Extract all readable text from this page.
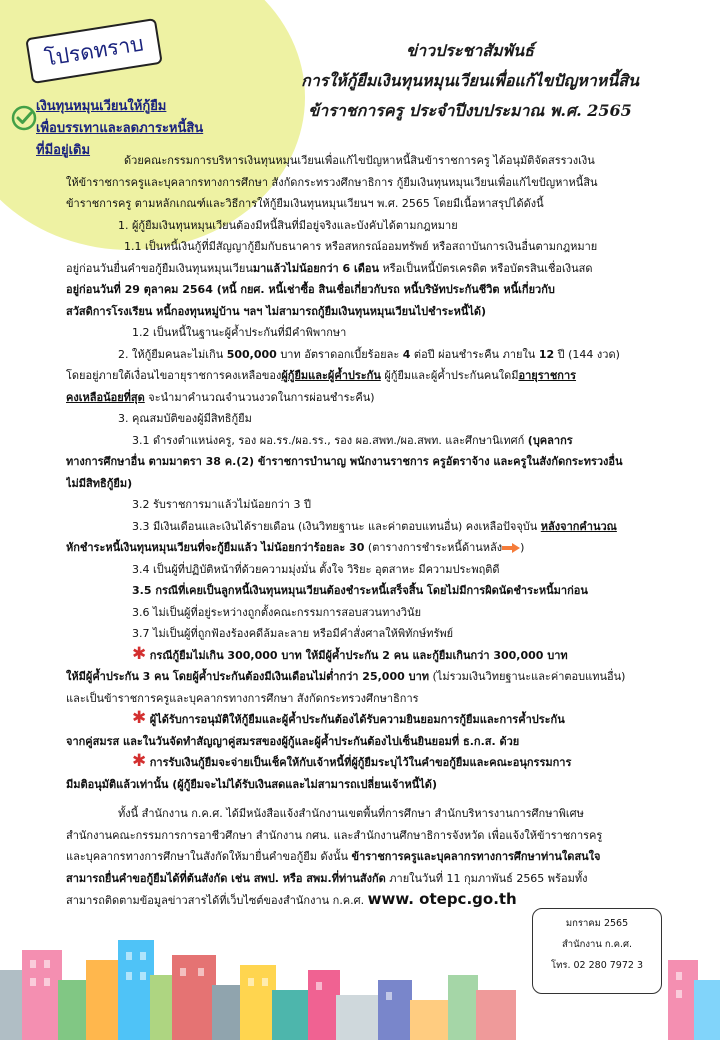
โปรดทราบ
เงินทุนหมุนเวียนให้กู้ยืม
เพื่อบรรเทาและลดภาระหนี้สิน
ที่มีอยู่เดิม
ข่าวประชาสัมพันธ์
การให้กู้ยืมเงินทุนหมุนเวียนเพื่อแก้ไขปัญหาหนี้สิน
ข้าราชการครู ประจำปีงบประมาณ พ.ศ. 2565

ด้วยคณะกรรมการบริหารเงินทุนหมุนเวียนเพื่อแก้ไขปัญหาหนี้สินข้าราชการครู ได้อนุมัติจัดสรรวงเงิน

ให้ข้าราชการครูและบุคลากรทางการศึกษา สังกัดกระทรวงศึกษาธิการ กู้ยืมเงินทุนหมุนเวียนเพื่อแก้ไขปัญหาหนี้สิน

ข้าราชการครู ตามหลักเกณฑ์และวิธีการให้กู้ยืมเงินทุนหมุนเวียนฯ พ.ศ. 2565 โดยมีเนื้อหาสรุปได้ดังนี้

1. ผู้กู้ยืมเงินทุนหมุนเวียนต้องมีหนี้สินที่มีอยู่จริงและบังคับได้ตามกฎหมาย

1.1 เป็นหนี้เงินกู้ที่มีสัญญากู้ยืมกับธนาคาร หรือสหกรณ์ออมทรัพย์ หรือสถาบันการเงินอื่นตามกฎหมาย

อยู่ก่อนวันยื่นคำขอกู้ยืมเงินทุนหมุนเวียนมาแล้วไม่น้อยกว่า 6 เดือน หรือเป็นหนี้บัตรเครดิต หรือบัตรสินเชื่อเงินสด

อยู่ก่อนวันที่ 29 ตุลาคม 2564 (หนี้ กยศ. หนี้เช่าซื้อ สินเชื่อเกี่ยวกับรถ หนี้บริษัทประกันชีวิต หนี้เกี่ยวกับ

สวัสดิการโรงเรียน หนี้กองทุนหมู่บ้าน ฯลฯ ไม่สามารถกู้ยืมเงินทุนหมุนเวียนไปชำระหนี้ได้)

1.2 เป็นหนี้ในฐานะผู้ค้ำประกันที่มีคำพิพากษา

2. ให้กู้ยืมคนละไม่เกิน 500,000 บาท อัตราดอกเบี้ยร้อยละ 4 ต่อปี ผ่อนชำระคืน ภายใน 12 ปี (144 งวด)

โดยอยู่ภายใต้เงื่อนไขอายุราชการคงเหลือของผู้กู้ยืมและผู้ค้ำประกัน ผู้กู้ยืมและผู้ค้ำประกันคนใดมีอายุราชการ

คงเหลือน้อยที่สุด จะนำมาคำนวณจำนวนงวดในการผ่อนชำระคืน)

3. คุณสมบัติของผู้มีสิทธิกู้ยืม

3.1 ดำรงตำแหน่งครู, รอง ผอ.รร./ผอ.รร., รอง ผอ.สพท./ผอ.สพท. และศึกษานิเทศก์ (บุคลากร

ทางการศึกษาอื่น ตามมาตรา 38 ค.(2) ข้าราชการบำนาญ พนักงานราชการ ครูอัตราจ้าง และครูในสังกัดกระทรวงอื่น

ไม่มีสิทธิกู้ยืม)

3.2 รับราชการมาแล้วไม่น้อยกว่า 3 ปี

3.3 มีเงินเดือนและเงินได้รายเดือน (เงินวิทยฐานะ และค่าตอบแทนอื่น) คงเหลือปัจจุบัน หลังจากคำนวณ

หักชำระหนี้เงินทุนหมุนเวียนที่จะกู้ยืมแล้ว ไม่น้อยกว่าร้อยละ 30 (ตารางการชำระหนี้ด้านหลัง )

3.4 เป็นผู้ที่ปฏิบัติหน้าที่ด้วยความมุ่งมั่น ตั้งใจ วิริยะ อุตสาหะ มีความประพฤติดี

3.5 กรณีที่เคยเป็นลูกหนี้เงินทุนหมุนเวียนต้องชำระหนี้เสร็จสิ้น โดยไม่มีการผิดนัดชำระหนี้มาก่อน

3.6 ไม่เป็นผู้ที่อยู่ระหว่างถูกตั้งคณะกรรมการสอบสวนทางวินัย

3.7 ไม่เป็นผู้ที่ถูกฟ้องร้องคดีล้มละลาย หรือมีคำสั่งศาลให้พิทักษ์ทรัพย์

✱ กรณีกู้ยืมไม่เกิน 300,000 บาท ให้มีผู้ค้ำประกัน 2 คน และกู้ยืมเกินกว่า 300,000 บาท

ให้มีผู้ค้ำประกัน 3 คน โดยผู้ค้ำประกันต้องมีเงินเดือนไม่ต่ำกว่า 25,000 บาท (ไม่รวมเงินวิทยฐานะและค่าตอบแทนอื่น)

และเป็นข้าราชการครูและบุคลากรทางการศึกษา สังกัดกระทรวงศึกษาธิการ

✱ ผู้ได้รับการอนุมัติให้กู้ยืมและผู้ค้ำประกันต้องได้รับความยินยอมการกู้ยืมและการค้ำประกัน

จากคู่สมรส และในวันจัดทำสัญญาคู่สมรสของผู้กู้และผู้ค้ำประกันต้องไปเซ็นยินยอมที่ ธ.ก.ส. ด้วย

✱ การรับเงินกู้ยืมจะจ่ายเป็นเช็คให้กับเจ้าหนี้ที่ผู้กู้ยืมระบุไว้ในคำขอกู้ยืมและคณะอนุกรรมการ

มีมติอนุมัติแล้วเท่านั้น (ผู้กู้ยืมจะไม่ได้รับเงินสดและไม่สามารถเปลี่ยนเจ้าหนี้ได้)

ทั้งนี้ สำนักงาน ก.ค.ศ. ได้มีหนังสือแจ้งสำนักงานเขตพื้นที่การศึกษา สำนักบริหารงานการศึกษาพิเศษ

สำนักงานคณะกรรมการการอาชีวศึกษา สำนักงาน กศน. และสำนักงานศึกษาธิการจังหวัด เพื่อแจ้งให้ข้าราชการครู

และบุคลากรทางการศึกษาในสังกัดให้มายื่นคำขอกู้ยืม ดังนั้น ข้าราชการครูและบุคลากรทางการศึกษาท่านใดสนใจ

สามารถยื่นคำขอกู้ยืมได้ที่ต้นสังกัด เช่น สพป. หรือ สพม.ที่ท่านสังกัด ภายในวันที่ 11 กุมภาพันธ์ 2565 พร้อมทั้ง

สามารถติดตามข้อมูลข่าวสารได้ที่เว็บไซต์ของสำนักงาน ก.ค.ศ. www. otepc.go.th

มกราคม 2565
สำนักงาน ก.ค.ศ.
โทร. 02 280 7972 3
